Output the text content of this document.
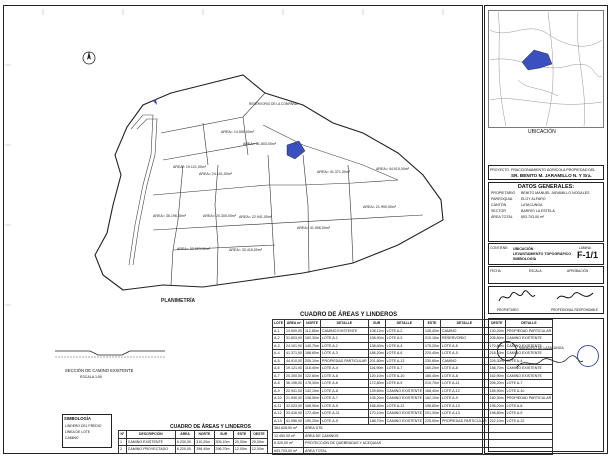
AREA= 14.500,00m²
AREA= 31.803,00m²
AREA= 24.101,00m²	AREA= 41.371,00m²
AREA= 44.910,00m²
AREA= 19.121,00m²
AREA= 20.300,00m²
AREA= 36.196,00m²	AREA= 22.941,00m²
AREA= 21.990,00m²
AREA= 32.023,00m²	AREA= 33.416,00m²
AREA= 41.956,00m²
RESERVORIO DE LA COMPANIA
PLANIMETRÍA
SECCIÓN DE CAMINO EXISTENTE
ESCALA 1:50
SIMBOLOGÍA
LINDERO DEL PREDIO
LÍNEA DE LOTE
CAMINO
CUADRO DE ÁREAS Y LINDEROS
N°	DESCRIPCIÓN	ÁREA	NORTE	SUR	ESTE	OESTE
1	CAMINO EXISTENTE	6.230,00	310,20m	305,10m	20,00m	20,00m
2	CAMINO PROYECTADO	6.220,00	298,40m	296,70m	12,00m	12,00m
CUADRO DE ÁREAS Y LINDEROS
LOTE	ÁREA m²	NORTE	DETALLE	SUR	DETALLE	ESTE	DETALLE	OESTE	DETALLE
A-1	14.500,00	112,85m	CAMINO EXISTENTE	108,12m	LOTE A-2	128,40m	CAMINO	130,20m	PROPIEDAD PARTICULAR
A-2	31.803,00	162,30m	LOTE A-1	158,90m	LOTE A-3	210,15m	RESERVORIO	205,60m	CAMINO EXISTENTE
A-3	24.101,00	140,70m	LOTE A-2	138,40m	LOTE A-4	175,20m	LOTE A-5	170,80m	CAMINO EXISTENTE
A-4	41.371,00	188,60m	LOTE A-3	186,20m	LOTE A-6	220,40m	LOTE A-5	218,10m	CAMINO EXISTENTE
A-5	44.910,00	205,10m	PROPIEDAD PARTICULAR	201,80m	LOTE A-13	230,60m	CAMINO	226,30m	LOTE A-4
A-6	19.121,00	118,40m	LOTE A-4	116,90m	LOTE A-7	160,20m	LOTE A-8	158,70m	CAMINO EXISTENTE
A-7	20.300,00	122,60m	LOTE A-6	120,10m	LOTE A-10	165,40m	LOTE A-8	162,90m	CAMINO EXISTENTE
A-8	36.196,00	176,30m	LOTE A-6	172,80m	LOTE A-9	210,70m	LOTE A-11	206,20m	LOTE A-7
A-9	22.941,00	142,10m	LOTE A-8	139,60m	CAMINO EXISTENTE	168,40m	LOTE A-12	165,90m	LOTE A-10
A-10	21.990,00	138,50m	LOTE A-7	135,20m	CAMINO EXISTENTE	162,10m	LOTE A-9	160,30m	PROPIEDAD PARTICULAR
A-11	32.023,00	168,90m	LOTE A-5	166,40m	LOTE A-12	198,60m	LOTE A-13	195,20m	LOTE A-8
A-12	33.416,00	172,40m	LOTE A-11	170,10m	CAMINO EXISTENTE	201,30m	LOTE A-13	198,80m	LOTE A-9
A-13	41.956,00	190,20m	LOTE A-5	188,70m	CAMINO EXISTENTE	225,50m	PROPIEDAD PARTICULAR	222,10m	LOTE A-12
384.628,00 m²		ÁREA ÚTIL							
12.450,00 m²		ÁREA DE CAMINOS							
8.320,00 m²		PROTECCIÓN DE QUEBRADAS Y ACEQUIAS							
653.703,00 m²		ÁREA TOTAL							
UBICACIÓN
PROYECTO FRACCIONAMIENTO AGRÍCOLA PROPIEDAD DEL
SR. BENITO M. JARAMILLO N. Y Sra.
DATOS GENERALES:
PROPIETARIO BENITO MANUEL JARAMILLO NOGALES
PARROQUIA ELOY ALFARO
CANTÓN	LATACUNGA
SECTOR	BARRIO LA ESTELA
ÁREA TOTAL 653.703,00 m²
CONTIENE:	UBICACIÓN
LEVANTAMIENTO TOPOGRÁFICO
SIMBOLOGÍA
LÁMINA
F-1/1
FECHA	ESCALA	APROBACIÓN
PROPIETARIO	PROFESIONAL RESPONSABLE
MUNICIPIO DE LATACUNGA
